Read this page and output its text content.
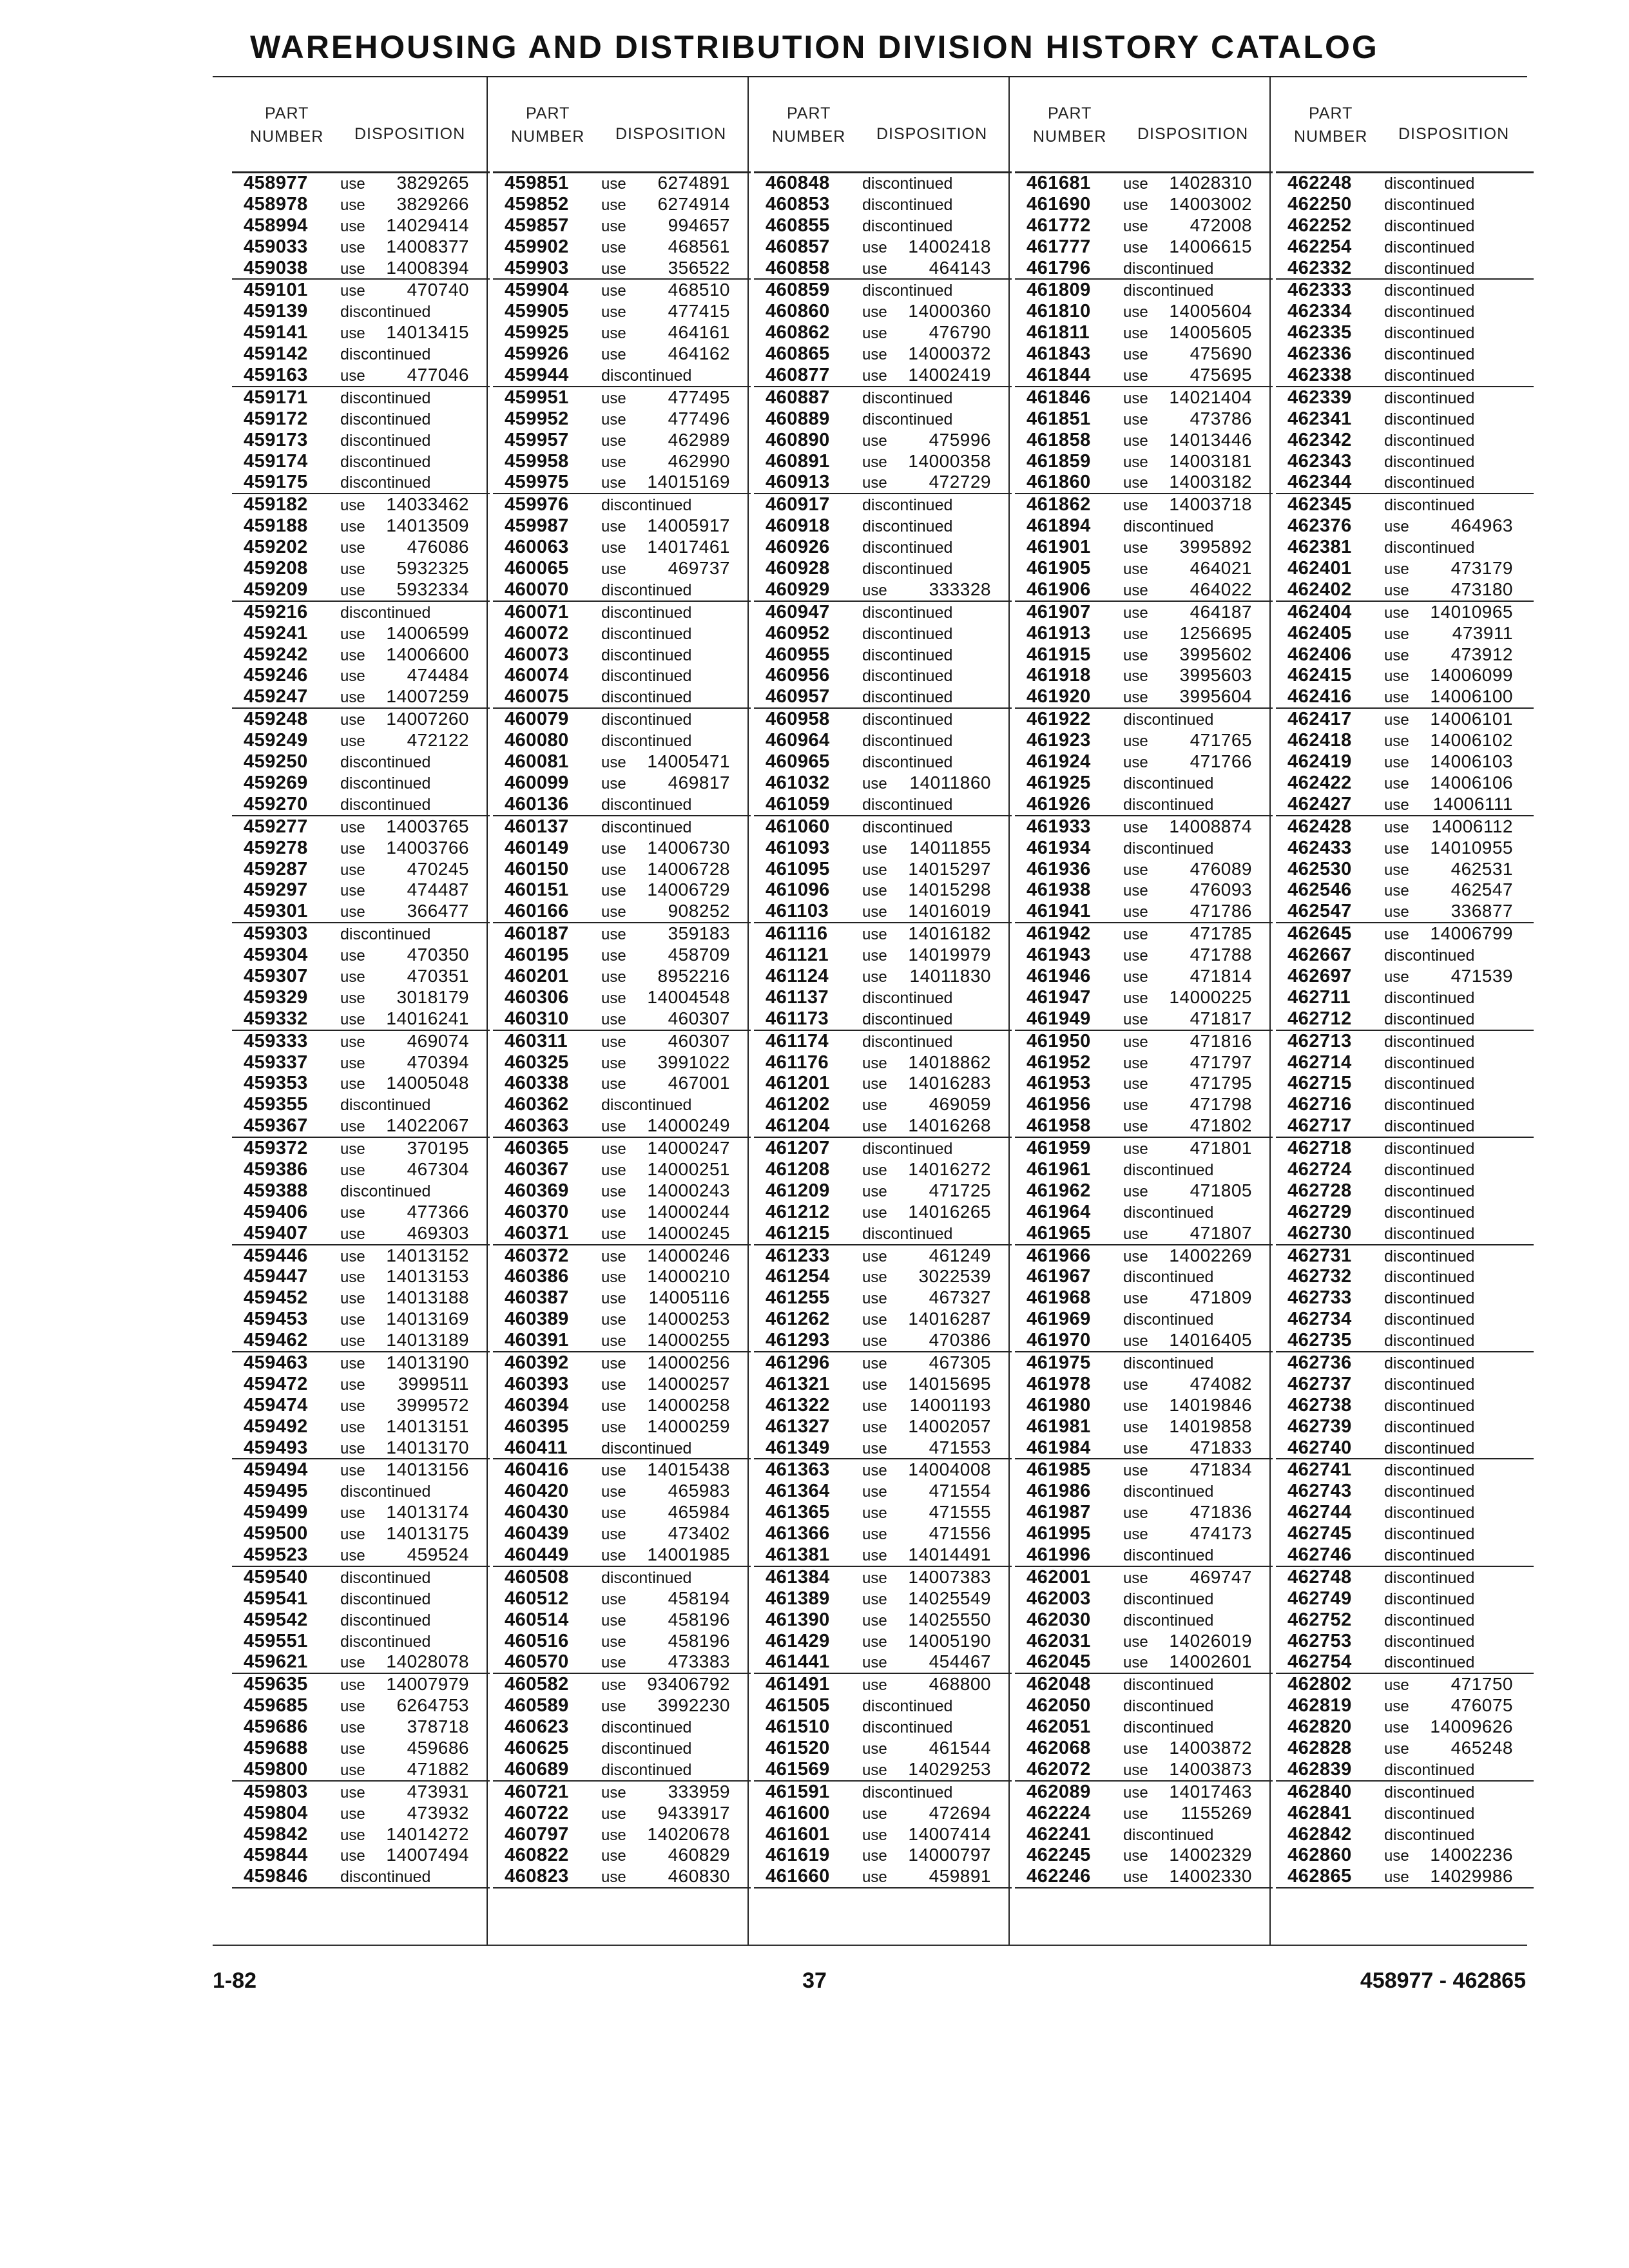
WAREHOUSING AND DISTRIBUTION DIVISION HISTORY CATALOG
PART
NUMBER DISPOSITION
458977 use 3829265
458978 use 3829266
458994 use 14029414
459033 use 14008377
459038 use 14008394
459101 use 470740
459139 discontinued
459141 use 14013415
459142 discontinued
459163 use 477046
459171 discontinued
459172 discontinued
459173 discontinued
459174 discontinued
459175 discontinued
459182 use 14033462
459188 use 14013509
459202 use 476086
459208 use 5932325
459209 use 5932334
459216 discontinued
459241 use 14006599
459242 use 14006600
459246 use 474484
459247 use 14007259
459248 use 14007260
459249 use 472122
459250 discontinued
459269 discontinued
459270 discontinued
459277 use 14003765
459278 use 14003766
459287 use 470245
459297 use 474487
459301 use 366477
459303 discontinued
459304 use 470350
459307 use 470351
459329 use 3018179
459332 use 14016241
459333 use 469074
459337 use 470394
459353 use 14005048
459355 discontinued
459367 use 14022067
459372 use 370195
459386 use 467304
459388 discontinued
459406 use 477366
459407 use 469303
459446 use 14013152
459447 use 14013153
459452 use 14013188
459453 use 14013169
459462 use 14013189
459463 use 14013190
459472 use 3999511
459474 use 3999572
459492 use 14013151
459493 use 14013170
459494 use 14013156
459495 discontinued
459499 use 14013174
459500 use 14013175
459523 use 459524
459540 discontinued
459541 discontinued
459542 discontinued
459551 discontinued
459621 use 14028078
459635 use 14007979
459685 use 6264753
459686 use 378718
459688 use 459686
459800 use 471882
459803 use 473931
459804 use 473932
459842 use 14014272
459844 use 14007494
459846 discontinued
PART
NUMBER DISPOSITION
459851 use 6274891
459852 use 6274914
459857 use 994657
459902 use 468561
459903 use 356522
459904 use 468510
459905 use 477415
459925 use 464161
459926 use 464162
459944 discontinued
459951 use 477495
459952 use 477496
459957 use 462989
459958 use 462990
459975 use 14015169
459976 discontinued
459987 use 14005917
460063 use 14017461
460065 use 469737
460070 discontinued
460071 discontinued
460072 discontinued
460073 discontinued
460074 discontinued
460075 discontinued
460079 discontinued
460080 discontinued
460081 use 14005471
460099 use 469817
460136 discontinued
460137 discontinued
460149 use 14006730
460150 use 14006728
460151 use 14006729
460166 use 908252
460187 use 359183
460195 use 458709
460201 use 8952216
460306 use 14004548
460310 use 460307
460311 use 460307
460325 use 3991022
460338 use 467001
460362 discontinued
460363 use 14000249
460365 use 14000247
460367 use 14000251
460369 use 14000243
460370 use 14000244
460371 use 14000245
460372 use 14000246
460386 use 14000210
460387 use 14005116
460389 use 14000253
460391 use 14000255
460392 use 14000256
460393 use 14000257
460394 use 14000258
460395 use 14000259
460411 discontinued
460416 use 14015438
460420 use 465983
460430 use 465984
460439 use 473402
460449 use 14001985
460508 discontinued
460512 use 458194
460514 use 458196
460516 use 458196
460570 use 473383
460582 use 93406792
460589 use 3992230
460623 discontinued
460625 discontinued
460689 discontinued
460721 use 333959
460722 use 9433917
460797 use 14020678
460822 use 460829
460823 use 460830
PART
NUMBER DISPOSITION
460848 discontinued
460853 discontinued
460855 discontinued
460857 use 14002418
460858 use 464143
460859 discontinued
460860 use 14000360
460862 use 476790
460865 use 14000372
460877 use 14002419
460887 discontinued
460889 discontinued
460890 use 475996
460891 use 14000358
460913 use 472729
460917 discontinued
460918 discontinued
460926 discontinued
460928 discontinued
460929 use 333328
460947 discontinued
460952 discontinued
460955 discontinued
460956 discontinued
460957 discontinued
460958 discontinued
460964 discontinued
460965 discontinued
461032 use 14011860
461059 discontinued
461060 discontinued
461093 use 14011855
461095 use 14015297
461096 use 14015298
461103 use 14016019
461116 use 14016182
461121 use 14019979
461124 use 14011830
461137 discontinued
461173 discontinued
461174 discontinued
461176 use 14018862
461201 use 14016283
461202 use 469059
461204 use 14016268
461207 discontinued
461208 use 14016272
461209 use 471725
461212 use 14016265
461215 discontinued
461233 use 461249
461254 use 3022539
461255 use 467327
461262 use 14016287
461293 use 470386
461296 use 467305
461321 use 14015695
461322 use 14001193
461327 use 14002057
461349 use 471553
461363 use 14004008
461364 use 471554
461365 use 471555
461366 use 471556
461381 use 14014491
461384 use 14007383
461389 use 14025549
461390 use 14025550
461429 use 14005190
461441 use 454467
461491 use 468800
461505 discontinued
461510 discontinued
461520 use 461544
461569 use 14029253
461591 discontinued
461600 use 472694
461601 use 14007414
461619 use 14000797
461660 use 459891
PART
NUMBER DISPOSITION
461681 use 14028310
461690 use 14003002
461772 use 472008
461777 use 14006615
461796 discontinued
461809 discontinued
461810 use 14005604
461811 use 14005605
461843 use 475690
461844 use 475695
461846 use 14021404
461851 use 473786
461858 use 14013446
461859 use 14003181
461860 use 14003182
461862 use 14003718
461894 discontinued
461901 use 3995892
461905 use 464021
461906 use 464022
461907 use 464187
461913 use 1256695
461915 use 3995602
461918 use 3995603
461920 use 3995604
461922 discontinued
461923 use 471765
461924 use 471766
461925 discontinued
461926 discontinued
461933 use 14008874
461934 discontinued
461936 use 476089
461938 use 476093
461941 use 471786
461942 use 471785
461943 use 471788
461946 use 471814
461947 use 14000225
461949 use 471817
461950 use 471816
461952 use 471797
461953 use 471795
461956 use 471798
461958 use 471802
461959 use 471801
461961 discontinued
461962 use 471805
461964 discontinued
461965 use 471807
461966 use 14002269
461967 discontinued
461968 use 471809
461969 discontinued
461970 use 14016405
461975 discontinued
461978 use 474082
461980 use 14019846
461981 use 14019858
461984 use 471833
461985 use 471834
461986 discontinued
461987 use 471836
461995 use 474173
461996 discontinued
462001 use 469747
462003 discontinued
462030 discontinued
462031 use 14026019
462045 use 14002601
462048 discontinued
462050 discontinued
462051 discontinued
462068 use 14003872
462072 use 14003873
462089 use 14017463
462224 use 1155269
462241 discontinued
462245 use 14002329
462246 use 14002330
PART
NUMBER DISPOSITION
462248 discontinued
462250 discontinued
462252 discontinued
462254 discontinued
462332 discontinued
462333 discontinued
462334 discontinued
462335 discontinued
462336 discontinued
462338 discontinued
462339 discontinued
462341 discontinued
462342 discontinued
462343 discontinued
462344 discontinued
462345 discontinued
462376 use 464963
462381 discontinued
462401 use 473179
462402 use 473180
462404 use 14010965
462405 use 473911
462406 use 473912
462415 use 14006099
462416 use 14006100
462417 use 14006101
462418 use 14006102
462419 use 14006103
462422 use 14006106
462427 use 14006111
462428 use 14006112
462433 use 14010955
462530 use 462531
462546 use 462547
462547 use 336877
462645 use 14006799
462667 discontinued
462697 use 471539
462711 discontinued
462712 discontinued
462713 discontinued
462714 discontinued
462715 discontinued
462716 discontinued
462717 discontinued
462718 discontinued
462724 discontinued
462728 discontinued
462729 discontinued
462730 discontinued
462731 discontinued
462732 discontinued
462733 discontinued
462734 discontinued
462735 discontinued
462736 discontinued
462737 discontinued
462738 discontinued
462739 discontinued
462740 discontinued
462741 discontinued
462743 discontinued
462744 discontinued
462745 discontinued
462746 discontinued
462748 discontinued
462749 discontinued
462752 discontinued
462753 discontinued
462754 discontinued
462802 use 471750
462819 use 476075
462820 use 14009626
462828 use 465248
462839 discontinued
462840 discontinued
462841 discontinued
462842 discontinued
462860 use 14002236
462865 use 14029986
1-82	37	458977 - 462865
